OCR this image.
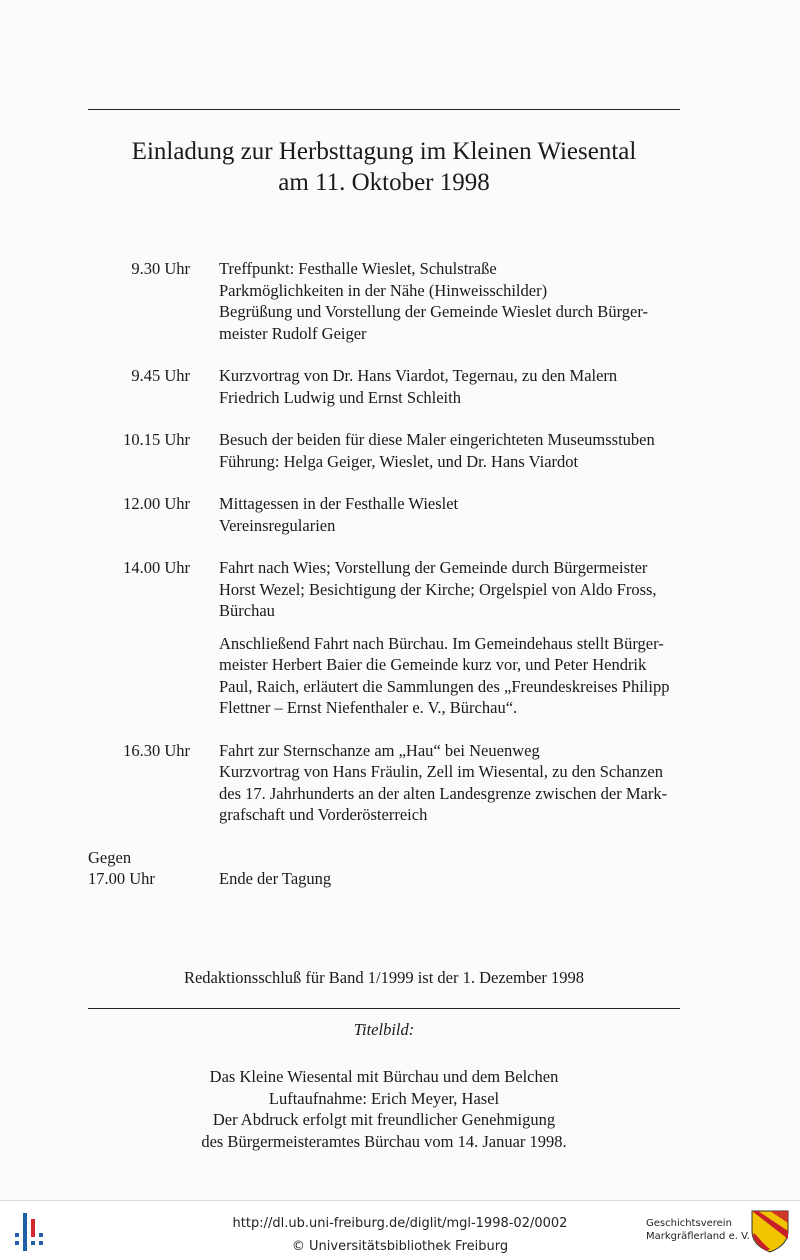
Einladung zur Herbsttagung im Kleinen Wiesental
am 11. Oktober 1998
9.30 Uhr Treffpunkt: Festhalle Wieslet, Schulstraße
Parkmöglichkeiten in der Nähe (Hinweisschilder)
Begrüßung und Vorstellung der Gemeinde Wieslet durch Bürger-
meister Rudolf Geiger
9.45 Uhr Kurzvortrag von Dr. Hans Viardot, Tegernau, zu den Malern
Friedrich Ludwig und Ernst Schleith
10.15 Uhr Besuch der beiden für diese Maler eingerichteten Museumsstuben
Führung: Helga Geiger, Wieslet, und Dr. Hans Viardot
12.00 Uhr Mittagessen in der Festhalle Wieslet
Vereinsregularien
14.00 Uhr Fahrt nach Wies; Vorstellung der Gemeinde durch Bürgermeister
Horst Wezel; Besichtigung der Kirche; Orgelspiel von Aldo Fross,
Bürchau
Anschließend Fahrt nach Bürchau. Im Gemeindehaus stellt Bürger-
meister Herbert Baier die Gemeinde kurz vor, und Peter Hendrik
Paul, Raich, erläutert die Sammlungen des „Freundeskreises Philipp
Flettner – Ernst Niefenthaler e. V., Bürchau“.
16.30 Uhr Fahrt zur Sternschanze am „Hau“ bei Neuenweg
Kurzvortrag von Hans Fräulin, Zell im Wiesental, zu den Schanzen
des 17. Jahrhunderts an der alten Landesgrenze zwischen der Mark-
grafschaft und Vorderösterreich
Gegen
17.00 Uhr
	Ende der Tagung
Redaktionsschluß für Band 1/1999 ist der 1. Dezember 1998
Titelbild:
Das Kleine Wiesental mit Bürchau und dem Belchen
Luftaufnahme: Erich Meyer, Hasel
Der Abdruck erfolgt mit freundlicher Genehmigung
des Bürgermeisteramtes Bürchau vom 14. Januar 1998.
http://dl.ub.uni-freiburg.de/diglit/mgl-1998-02/0002
© Universitätsbibliothek Freiburg
Geschichtsverein
Markgräflerland e. V.
